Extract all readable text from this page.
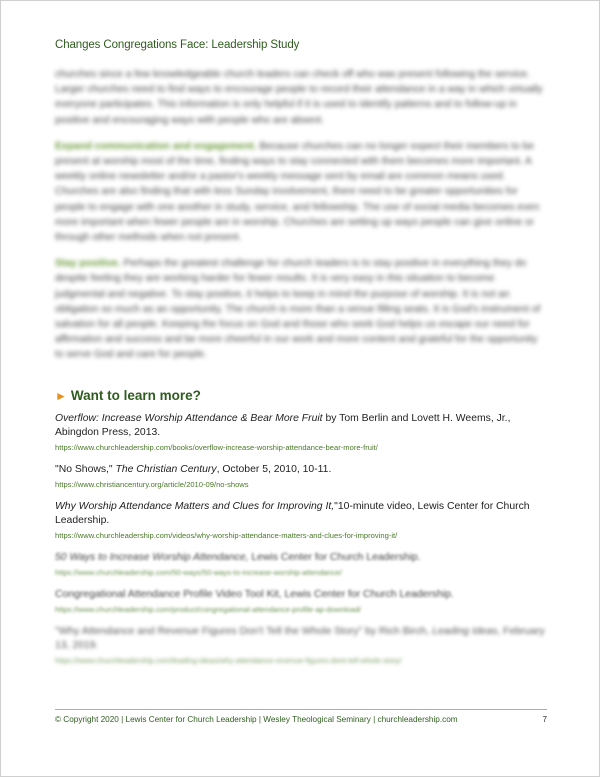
Changes Congregations Face: Leadership Study

churches since a few knowledgeable church leaders can check off who was present following the service. Larger churches need to find ways to encourage people to record their attendance in a way in which virtually everyone participates. This information is only helpful if it is used to identify patterns and to follow-up in positive and encouraging ways with people who are absent.

Expand communication and engagement. Because churches can no longer expect their members to be present at worship most of the time, finding ways to stay connected with them becomes more important. A weekly online newsletter and/or a pastor's weekly message sent by email are common means used. Churches are also finding that with less Sunday involvement, there need to be greater opportunities for people to engage with one another in study, service, and fellowship. The use of social media becomes even more important when fewer people are in worship. Churches are setting up ways people can give online or through other methods when not present.

Stay positive. Perhaps the greatest challenge for church leaders is to stay positive in everything they do despite feeling they are working harder for fewer results. It is very easy in this situation to become judgmental and negative. To stay positive, it helps to keep in mind the purpose of worship. It is not an obligation so much as an opportunity. The church is more than a venue filling seats. It is God's instrument of salvation for all people. Keeping the focus on God and those who seek God helps us escape our need for affirmation and success and be more cheerful in our work and more content and grateful for the opportunity to serve God and care for people.

► Want to learn more?
Overflow: Increase Worship Attendance & Bear More Fruit by Tom Berlin and Lovett H. Weems, Jr., Abingdon Press, 2013.
https://www.churchleadership.com/books/overflow-increase-worship-attendance-bear-more-fruit/
"No Shows," The Christian Century, October 5, 2010, 10-11.
https://www.christiancentury.org/article/2010-09/no-shows
Why Worship Attendance Matters and Clues for Improving It,"10-minute video, Lewis Center for Church Leadership.
https://www.churchleadership.com/videos/why-worship-attendance-matters-and-clues-for-improving-it/
50 Ways to Increase Worship Attendance, Lewis Center for Church Leadership.
https://www.churchleadership.com/50-ways/50-ways-to-increase-worship-attendance/
Congregational Attendance Profile Video Tool Kit, Lewis Center for Church Leadership.
https://www.churchleadership.com/product/congregational-attendance-profile-ap-download/
"Why Attendance and Revenue Figures Don't Tell the Whole Story" by Rich Birch, Leading Ideas, February 13, 2019.
https://www.churchleadership.com/leading-ideas/why-attendance-revenue-figures-dont-tell-whole-story/
© Copyright 2020 | Lewis Center for Church Leadership | Wesley Theological Seminary | churchleadership.com	7
